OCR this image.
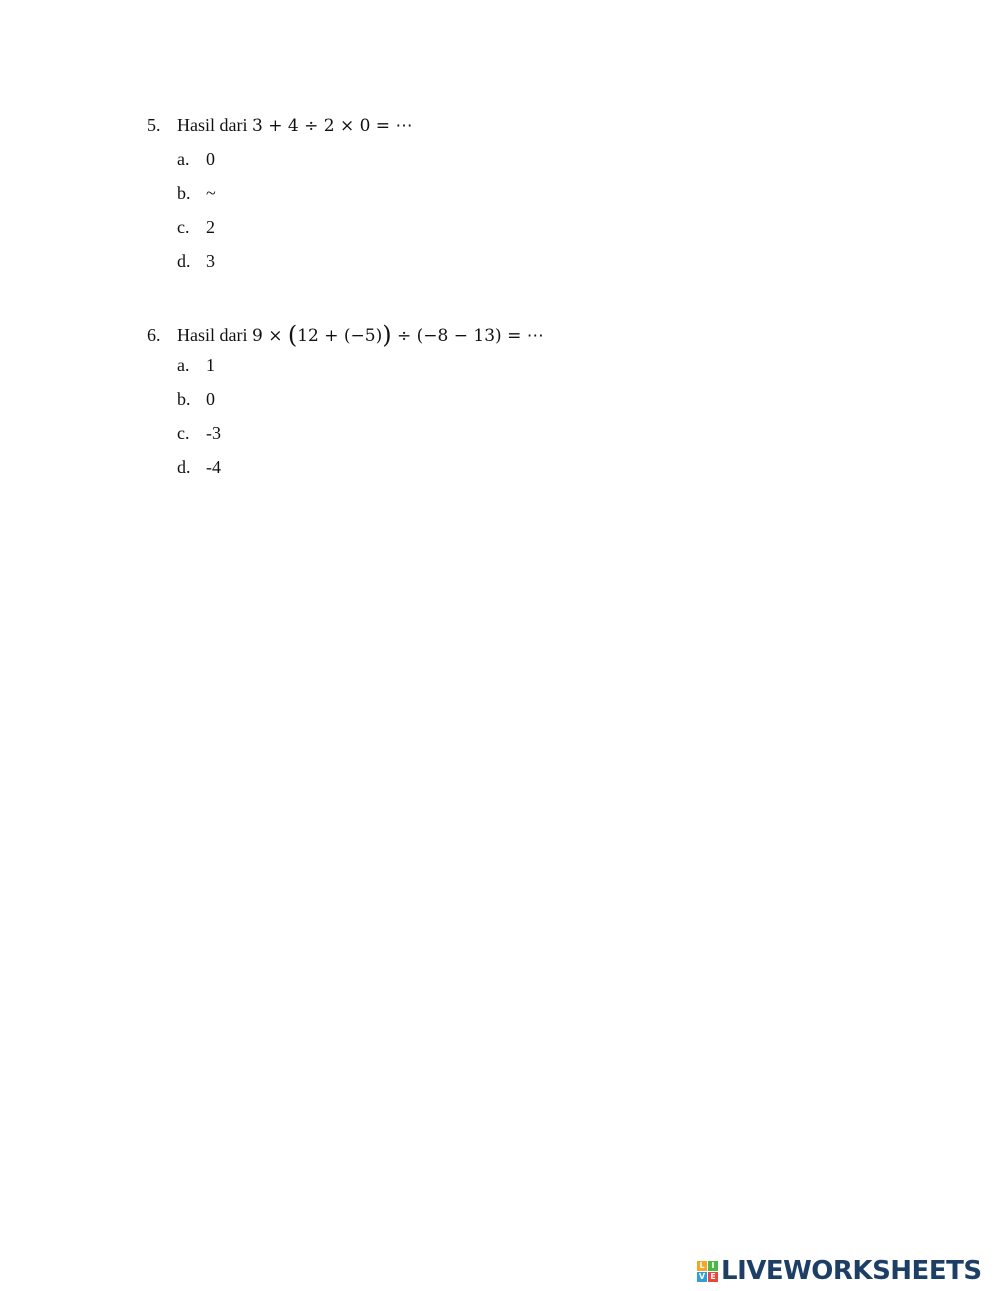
5. Hasil dari 3 + 4 ÷ 2 × 0 = ⋯
a. 0
b. ~
c. 2
d. 3
6. Hasil dari 9 × (12 + (−5)) ÷ (−8 − 13) = ⋯
a. 1
b. 0
c. -3
d. -4
L I
V E LIVEWORKSHEETS
